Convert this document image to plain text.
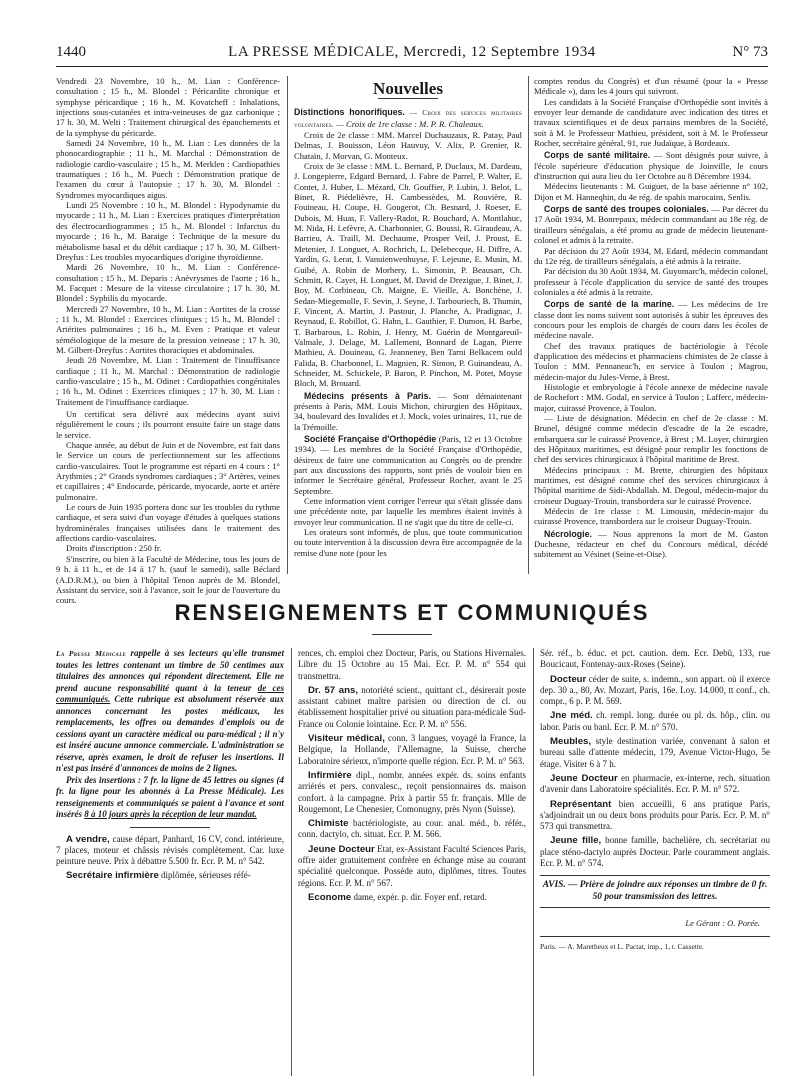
1440	LA PRESSE MÉDICALE, Mercredi, 12 Septembre 1934	N° 73

Vendredi 23 Novembre, 10 h., M. Lian : Conférence-consultation ; 15 h., M. Blondel : Péricardite chronique et symphyse péricardique ; 16 h., M. Kovatcheff : Inhalations, injections sous-cutanées et intra-veineuses de gaz carbonique ; 17 h. 30, M. Welti : Traitement chirurgical des épanchements et de la symphyse du péricarde.

Samedi 24 Novembre, 10 h., M. Lian : Les données de la phonocardiographie ; 11 h., M. Marchal : Démonstration de radiologie cardio-vasculaire ; 15 h., M. Merklen : Cardiopathies traumatiques ; 16 h., M. Puech : Démonstration pratique de l'examen du cœur à l'autopsie ; 17 h. 30, M. Blondel : Syndromes myocardiques aigus.

Lundi 25 Novembre : 10 h., M. Blondel : Hypodynamie du myocarde ; 11 h., M. Lian : Exercices pratiques d'interprétation des électrocardiogrammes ; 15 h., M. Blondel : Infarctus du myocarde ; 16 h., M. Baraige : Technique de la mesure du métabolisme basal et du débit cardiaque ; 17 h. 30, M. Gilbert-Dreyfus : Les troubles myocardiques d'origine thyroïdienne.

Mardi 26 Novembre, 10 h., M. Lian : Conférence-consultation ; 15 h., M. Deparis : Anévrysmes de l'aorte ; 16 h., M. Facquet : Mesure de la vitesse circulatoire ; 17 h. 30, M. Blondel : Syphilis du myocarde.

Mercredi 27 Novembre, 10 h., M. Lian : Aortites de la crosse ; 11 h., M. Blondel : Exercices cliniques ; 15 h., M. Blondel : Artérites pulmonaires ; 16 h., M. Even : Pratique et valeur séméiologique de la mesure de la pression veineuse ; 17 h. 30, M. Gilbert-Dreyfus : Aortites thoraciques et abdominales.

Jeudi 28 Novembre, M. Lian : Traitement de l'insuffisance cardiaque ; 11 h., M. Marchal : Démonstration de radiologie cardio-vasculaire ; 15 h., M. Odinet : Cardiopathies congénitales ; 16 h., M. Odinet : Exercices cliniques ; 17 h. 30, M. Lian : Traitement de l'insuffisance cardiaque.

Un certificat sera délivré aux médecins ayant suivi régulièrement le cours ; ils pourront ensuite faire un stage dans le service.

Chaque année, au début de Juin et de Novembre, est fait dans le Service un cours de perfectionnement sur les affections cardio-vasculaires. Tout le programme est réparti en 4 cours : 1° Arythmies ; 2° Grands syndromes cardiaques ; 3° Artères, veines et capillaires ; 4° Endocarde, péricarde, myocarde, aorte et artère pulmonaire.

Le cours de Juin 1935 portera donc sur les troubles du rythme cardiaque, et sera suivi d'un voyage d'études à quelques stations hydrominérales françaises utilisées dans le traitement des affections cardio-vasculaires.

Droits d'inscription : 250 fr.

S'inscrire, ou bien à la Faculté de Médecine, tous les jours de 9 h. à 11 h., et de 14 à 17 h. (sauf le samedi), salle Béclard (A.D.R.M.), ou bien à l'hôpital Tenon auprès de M. Blondel, Assistant du service, soit à l'avance, soit le jour de l'ouverture du cours.

Nouvelles

Distinctions honorifiques. — Croix des services militaires volontaires. — Croix de 1re classe : M. P. R. Chaleaux.

Croix de 2e classe : MM. Marcel Duchauzaux, R. Patay, Paul Delmas, J. Bouisson, Léon Hauvuy, V. Alix, P. Grenier, R. Chataïn, J. Morvan, G. Monteux.

Croix de 3e classe : MM. L. Bernard, P. Duclaux, M. Dardeau, J. Longepierre, Edgard Bernard, J. Fabre de Parrel, P. Walter, E. Contet, J. Huber, L. Mézard, Ch. Gouffier, P. Lubin, J. Belot, L. Binet, R. Piédelièvre, H. Cambessèdes, M. Rouvière, R. Fouineau, H. Coupe, H. Gougerot, Ch. Besnard, J. Roeser, E. Dubois, M. Huas, F. Vallery-Radot, R. Bouchard, A. Montlahuc, M. Nida, H. Lefèvre, A. Charbonnier, G. Boussi, R. Giraudeau, A. Barrieu, A. Traill, M. Dechaume, Prosper Veil, J. Proust, E. Metenier, J. Longuet, A. Rochrich, L. Delebecque, H. Diffre, A. Yardin, G. Lerat, I. Vanuienwenhuyse, F. Lejeune, E. Musin, M. Guibé, A. Robin de Morhery, L. Simonin, P. Beausart, Ch. Schmitt, R. Cayet, H. Longuet, M. David de Drezigue, J. Binet, J. Boy, M. Corbineau, Ch. Maigne, E. Vieille, A. Bonchène, J. Sedan-Miegemolle, F. Sevin, J. Seyne, J. Tarbouriech, B. Thumin, F. Vincent, A. Martin, J. Pastour, J. Planche, A. Pradignac, J. Reynaud, E. Robillot, G. Hahn, L. Gauthier, F. Dumon, H. Barbe, T. Barbarous, L. Robin, J. Henry, M. Guérin de Montgareuil-Valmale, J. Delage, M. Lallement, Bonnard de Lagan, Pierre Mathieu, A. Douineau, G. Jeanneney, Ben Tarni Belkacem ould Falida, B. Charbonnel, L. Magnien, R. Simon, P. Guinandeau, A. Schneider, M. Schickele, P. Baron, P. Pinchon, M. Potet, Moyse Bloch, M. Brouard.

Médecins présents à Paris. — Sont démaintenant présents à Paris, MM. Louis Michon, chirurgien des Hôpitaux, 34, boulevard des Invalides et J. Mock, voies urinaires, 11, rue de la Trémoille.

Société Française d'Orthopédie (Paris, 12 et 13 Octobre 1934). — Les membres de la Société Française d'Orthopédie, désireux de faire une communication au Congrès ou de prendre part aux discussions des rapports, sont priés de vouloir bien en informer le Secrétaire général, Professeur Rocher, avant le 25 Septembre.

Cette information vient corriger l'erreur qui s'était glissée dans une précédente note, par laquelle les membres étaient invités à envoyer leur communication. Il ne s'agit que du titre de celle-ci.

Les orateurs sont informés, de plus, que toute communication ou toute intervention à la discussion devra être accompagnée de la remise d'une note (pour les

comptes rendus du Congrès) et d'un résumé (pour la « Presse Médicale »), dans les 4 jours qui suivront.

Les candidats à la Société Française d'Orthopédie sont invités à envoyer leur demande de candidature avec indication des titres et travaux scientifiques et de deux parrains membres de la Société, soit à M. le Professeur Mathieu, président, soit à M. le Professeur Rocher, secrétaire général, 91, rue Judaïque, à Bordeaux.

Corps de santé militaire. — Sont désignés pour suivre, à l'école supérieure d'éducation physique de Joinville, le cours d'instruction qui aura lieu du 1er Octobre au 8 Décembre 1934.

Médecins lieutenants : M. Guiguet, de la base aérienne n° 102, Dijon et M. Hanneqhin, du 4e rég. de spahis marocains, Senlis.

Corps de santé des troupes coloniales. — Par décret du 17 Août 1934, M. Bonrepaux, médecin commandant au 18e rég. de tirailleurs sénégalais, a été promu au grade de médecin lieutenant-colonel et admis à la retraite.

Par décision du 27 Août 1934, M. Edard, médecin commandant du 12e rég. de tirailleurs sénégalais, a été admis à la retraite.

Par décision du 30 Août 1934, M. Guyomarc'h, médecin colonel, professeur à l'école d'application du service de santé des troupes coloniales a été admis à la retraite.

Corps de santé de la marine. — Les médecins de 1re classe dont les noms suivent sont autorisés à subir les épreuves des concours pour les emplois de chargés de cours dans les écoles de médecine navale.

Chef des travaux pratiques de bactériologie à l'école d'application des médecins et pharmaciens chimistes de 2e classe à Toulon : MM. Pennaneac'h, en service à Toulon ; Magrou, médecin-major du Jules-Verne, à Brest.

Histologie et embryologie à l'école annexe de médecine navale de Rochefort : MM. Godal, en service à Toulon ; Lafferc, médecin-major, cuirassé Provence, à Toulon.

— Liste de désignation. Médecin en chef de 2e classe : M. Brunel, désigné comme médecin d'escadre de la 2e escadre, embarquera sur le cuirassé Provence, à Brest ; M. Loyer, chirurgien des Hôpitaux maritimes, est désigné pour remplir les fonctions de chef des services chirurgicaux à l'hôpital maritime de Brest.

Médecins principaux : M. Brette, chirurgien des hôpitaux maritimes, est désigné comme chef des services chirurgicaux à l'hôpital maritime de Sidi-Abdallah. M. Degoul, médecin-major du croiseur Duguay-Trouin, transbordera sur le cuirassé Provence.

Médecin de 1re classe : M. Limousin, médecin-major du cuirassé Provence, transbordera sur le croiseur Duguay-Trouin.

Nécrologie. — Nous apprenons la mort de M. Gaston Duchesne, rédacteur en chef du Concours médical, décédé subitement au Vésinet (Seine-et-Oise).

RENSEIGNEMENTS ET COMMUNIQUÉS

La Presse Médicale rappelle à ses lecteurs qu'elle transmet toutes les lettres contenant un timbre de 50 centimes aux titulaires des annonces qui répondent directement. Elle ne prend aucune responsabilité quant à la teneur de ces communiqués. Cette rubrique est absolument réservée aux annonces concernant les postes médicaux, les remplacements, les offres ou demandes d'emplois ou de cessions ayant un caractère médical ou para-médical ; il n'y est inséré aucune annonce commerciale. L'administration se réserve, après examen, le droit de refuser les insertions. Il n'est pas inséré d'annonces de moins de 2 lignes.

Prix des insertions : 7 fr. la ligne de 45 lettres ou signes (4 fr. la ligne pour les abonnés à La Presse Médicale). Les renseignements et communiqués se paient à l'avance et sont insérés 8 à 10 jours après la réception de leur mandat.

A vendre, cause départ, Panhard, 16 CV, cond. intérieure, 7 places, moteur et châssis révisés complètement. Car. luxe peinture neuve. Prix à débattre 5.500 fr. Ecr. P. M. n° 542.

Secrétaire infirmière diplômée, sérieuses réfé-

rences, ch. emploi chez Docteur, Paris, ou Stations Hivernales. Libre du 15 Octobre au 15 Mai. Ecr. P. M. n° 554 qui transmettra.

Dr. 57 ans, notoriété scient., quittant cl., désirerait poste assistant cabinet maître parisien ou direction de cl. ou établissement hospitalier privé ou situation para-médicale Sud-France ou Colonie lointaine. Ecr. P. M. n° 556.

Visiteur médical, conn. 3 langues, voyagé la France, la Belgique, la Hollande, l'Allemagne, la Suisse, cherche Laboratoire sérieux, n'importe quelle région. Ecr. P. M. n° 563.

Infirmière dipl., nombr. années expér. ds. soins enfants arriérés et pers. convalesc., reçoit pensionnaires ds. maison confort. à la campagne. Prix à partir 55 fr. français. Mlle de Rougemont, Le Chenesier, Comonugny, près Nyon (Suisse).

Chimiste bactériologiste, au cour. anal. méd., b. référ., conn. dactylo, ch. situat. Ecr. P. M. 566.

Jeune Docteur Etat, ex-Assistant Faculté Sciences Paris, offre aider gratuitement confrère en échange mise au courant spécialité quelconque. Possède auto, diplômes, titres. Toutes régions. Ecr. P. M. n° 567.

Econome dame, expér. p. dir. Foyer enf. retard.

Sér. réf., b. éduc. et pct. caution. dem. Ecr. Debû, 133, rue Boucicaut, Fontenay-aux-Roses (Seine).

Docteur céder de suite, s. indemn., son appart. où il exerce dep. 30 a., 80, Av. Mozart, Paris, 16e. Loy. 14.000, tt conf., ch. compr., 6 p. P. M. 569.

Jne méd. ch. rempl. long. durée ou pl. ds. hôp., clin. ou labor. Paris ou banl. Ecr. P. M. n° 570.

Meubles, style destination variée, convenant à salon et bureau salle d'attente médecin, 179, Avenue Victor-Hugo, 5e étage. Visiter 6 à 7 h.

Jeune Docteur en pharmacie, ex-interne, rech. situation d'avenir dans Laboratoire spécialités. Ecr. P. M. n° 572.

Représentant bien accueilli, 6 ans pratique Paris, s'adjoindrait un ou deux bons produits pour Paris. Ecr. P. M. n° 573 qui transmettra.

Jeune fille, bonne famille, bachelière, ch. secrétariat ou place sténo-dactylo auprès Docteur. Parle couramment anglais. Ecr. P. M. n° 574.

AVIS. — Prière de joindre aux réponses un timbre de 0 fr. 50 pour transmission des lettres.
Le Gérant : O. Porée.
Paris. — A. Maretheux et L. Pactat, imp., 1, r. Cassette.
